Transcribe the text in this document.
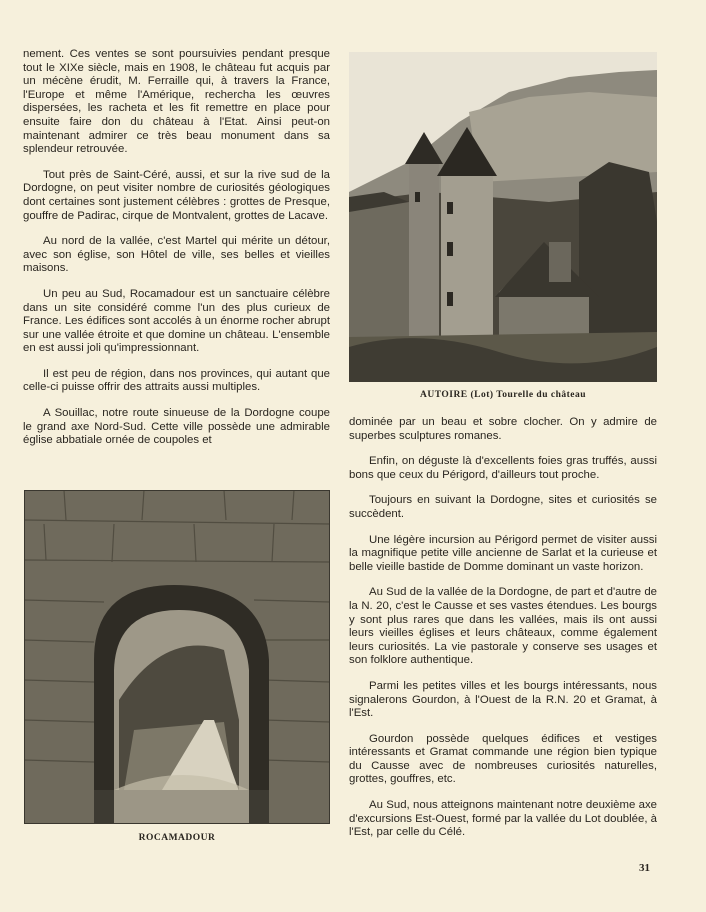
nement. Ces ventes se sont poursuivies pendant presque tout le XIXe siècle, mais en 1908, le château fut acquis par un mécène érudit, M. Ferraille qui, à travers la France, l'Europe et même l'Amérique, rechercha les œuvres dispersées, les racheta et les fit remettre en place pour ensuite faire don du château à l'Etat. Ainsi peut-on maintenant admirer ce très beau monument dans sa splendeur retrouvée.

Tout près de Saint-Céré, aussi, et sur la rive sud de la Dordogne, on peut visiter nombre de curiosités géologiques dont certaines sont justement célèbres : grottes de Presque, gouffre de Padirac, cirque de Montvalent, grottes de Lacave.

Au nord de la vallée, c'est Martel qui mérite un détour, avec son église, son Hôtel de ville, ses belles et vieilles maisons.

Un peu au Sud, Rocamadour est un sanctuaire célèbre dans un site considéré comme l'un des plus curieux de France. Les édifices sont accolés à un énorme rocher abrupt sur une vallée étroite et que domine un château. L'ensemble en est aussi joli qu'impressionnant.

Il est peu de région, dans nos provinces, qui autant que celle-ci puisse offrir des attraits aussi multiples.

A Souillac, notre route sinueuse de la Dordogne coupe le grand axe Nord-Sud. Cette ville possède une admirable église abbatiale ornée de coupoles et

AUTOIRE (Lot) Tourelle du château
ROCAMADOUR

dominée par un beau et sobre clocher. On y admire de superbes sculptures romanes.

Enfin, on déguste là d'excellents foies gras truffés, aussi bons que ceux du Périgord, d'ailleurs tout proche.

Toujours en suivant la Dordogne, sites et curiosités se succèdent.

Une légère incursion au Périgord permet de visiter aussi la magnifique petite ville ancienne de Sarlat et la curieuse et belle vieille bastide de Domme dominant un vaste horizon.

Au Sud de la vallée de la Dordogne, de part et d'autre de la N. 20, c'est le Causse et ses vastes étendues. Les bourgs y sont plus rares que dans les vallées, mais ils ont aussi leurs vieilles églises et leurs châteaux, comme également leurs curiosités. La vie pastorale y conserve ses usages et son folklore authentique.

Parmi les petites villes et les bourgs intéressants, nous signalerons Gourdon, à l'Ouest de la R.N. 20 et Gramat, à l'Est.

Gourdon possède quelques édifices et vestiges intéressants et Gramat commande une région bien typique du Causse avec de nombreuses curiosités naturelles, grottes, gouffres, etc.

Au Sud, nous atteignons maintenant notre deuxième axe d'excursions Est-Ouest, formé par la vallée du Lot doublée, à l'Est, par celle du Célé.

31
